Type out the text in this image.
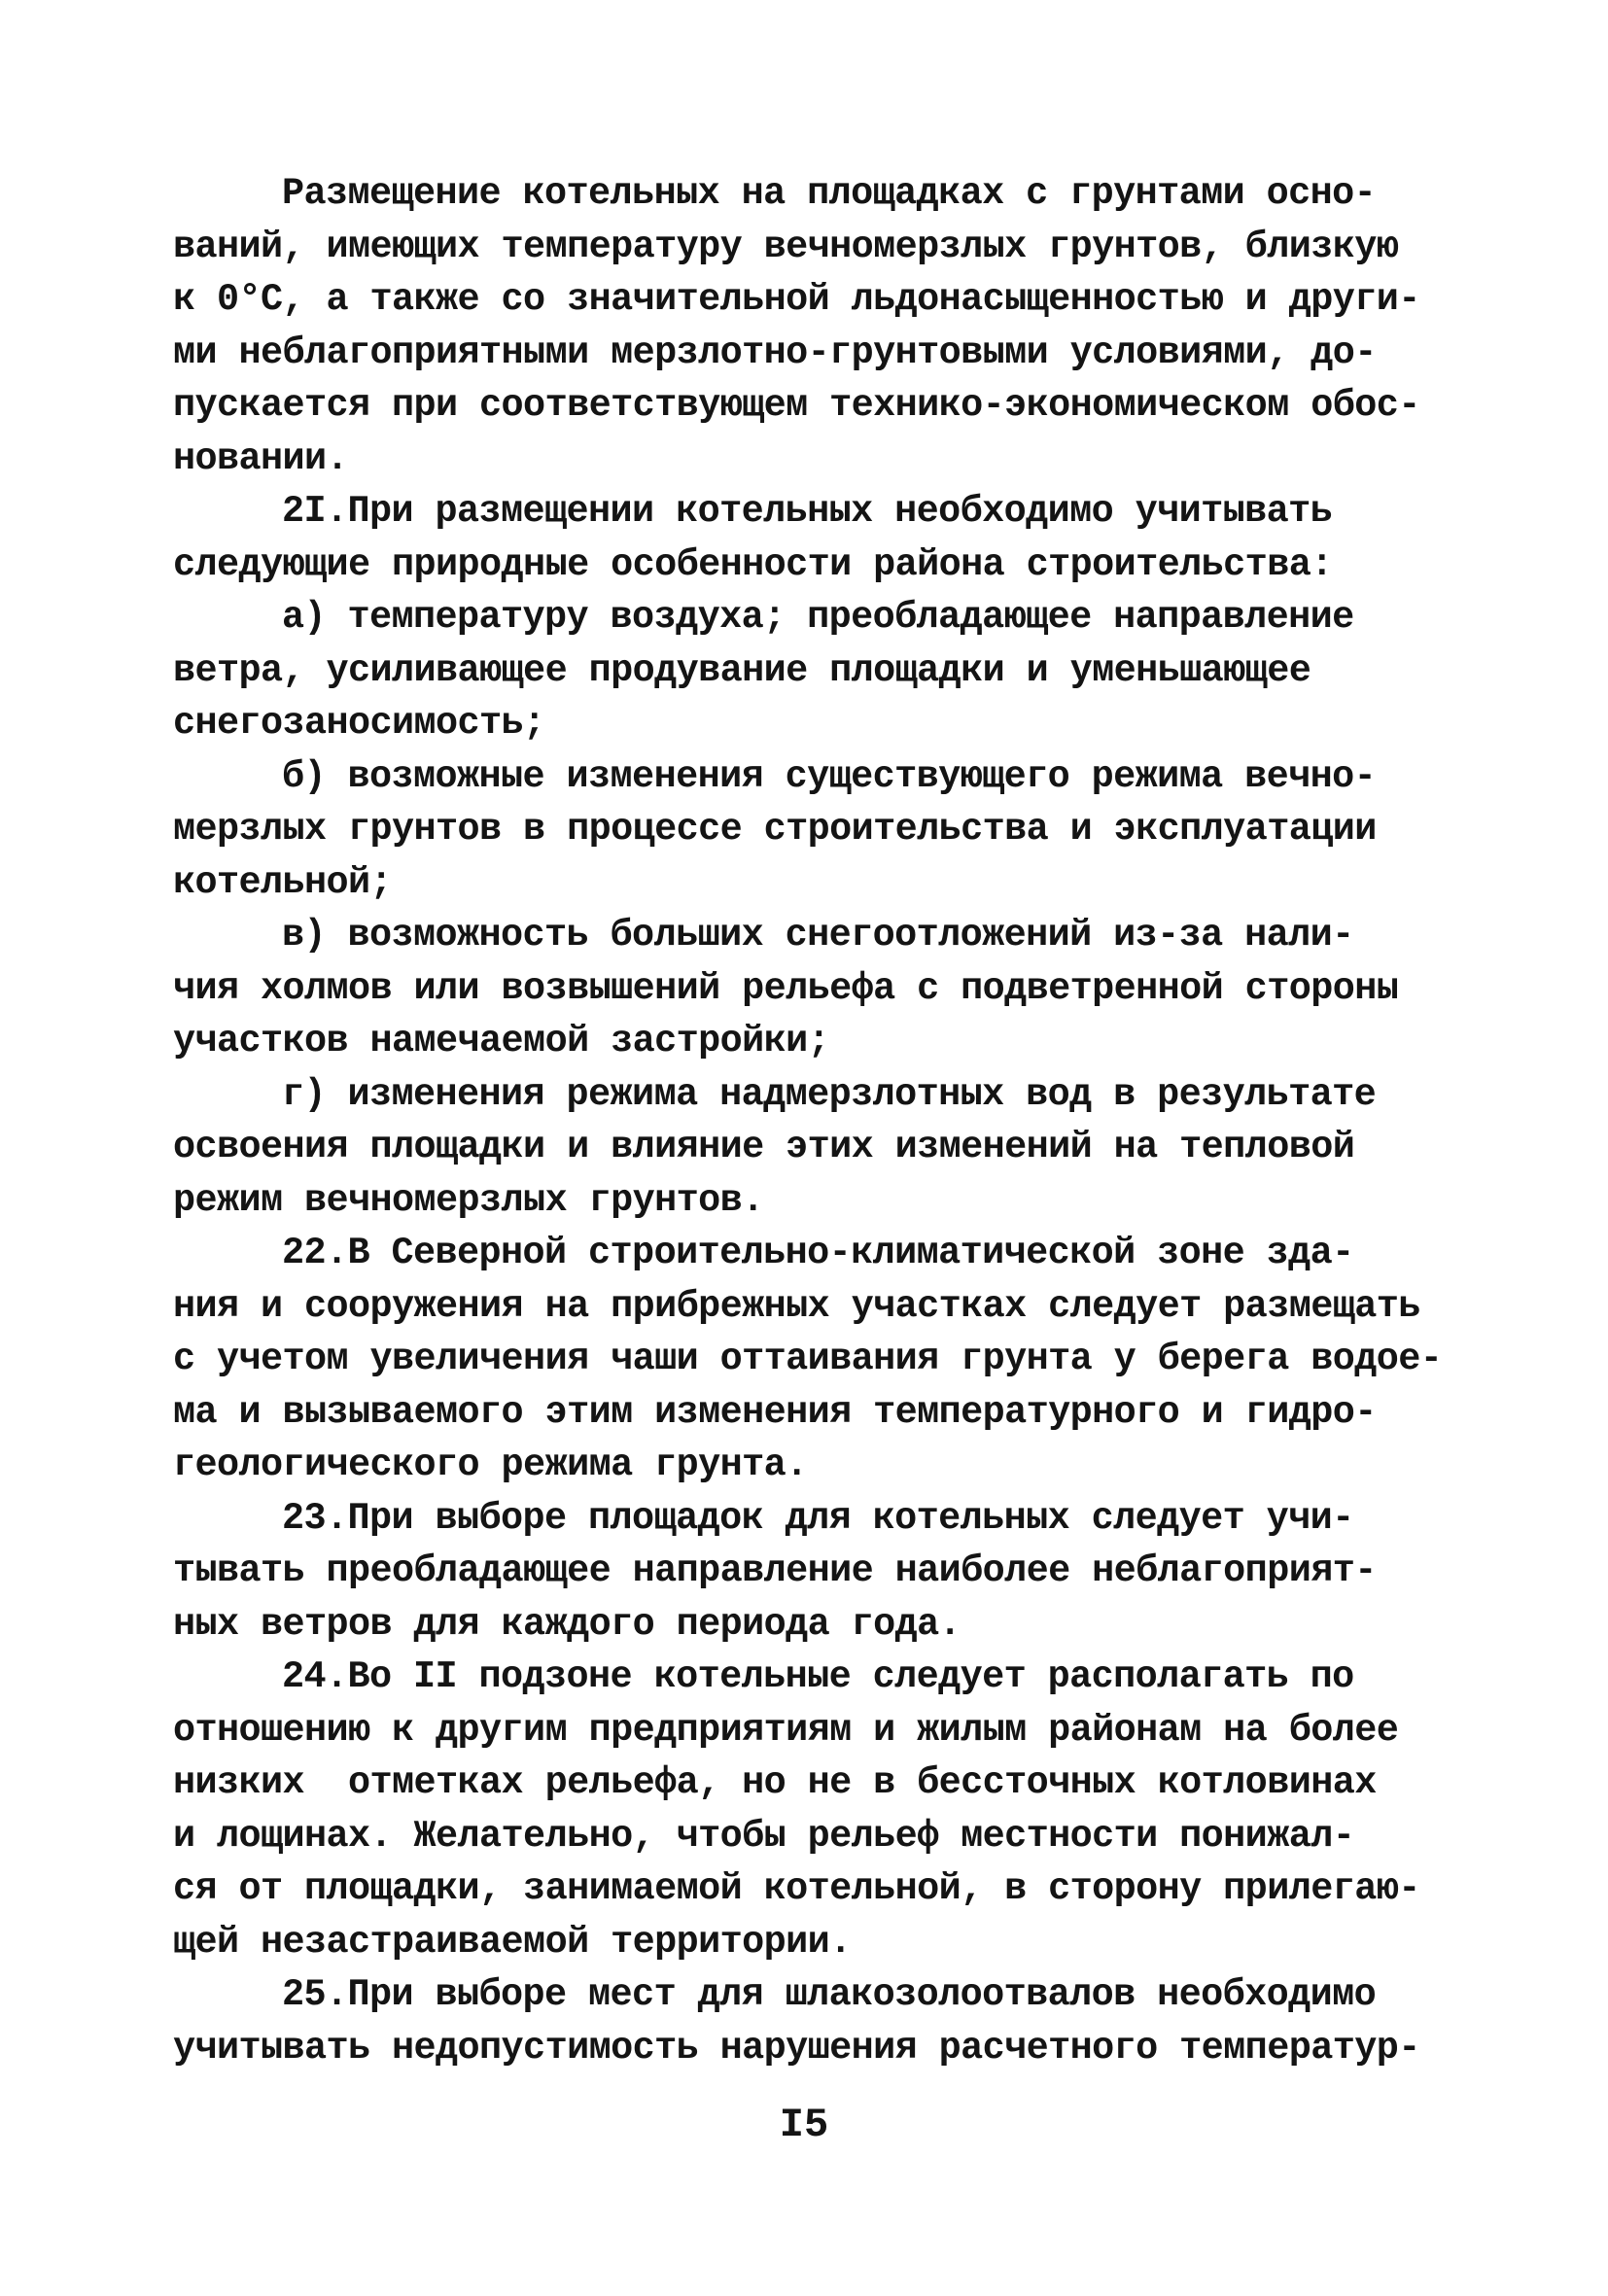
Размещение котельных на площадках с грунтами осно-
ваний, имеющих температуру вечномерзлых грунтов, близкую
к 0°С, а также со значительной льдонасыщенностью и други-
ми неблагоприятными мерзлотно-грунтовыми условиями, до-
пускается при соответствующем технико-экономическом обос-
новании.
2I.При размещении котельных необходимо учитывать
следующие природные особенности района строительства:
а) температуру воздуха; преобладающее направление
ветра, усиливающее продувание площадки и уменьшающее
снегозаносимость;
б) возможные изменения существующего режима вечно-
мерзлых грунтов в процессе строительства и эксплуатации
котельной;
в) возможность больших снегоотложений из-за нали-
чия холмов или возвышений рельефа с подветренной стороны
участков намечаемой застройки;
г) изменения режима надмерзлотных вод в результате
освоения площадки и влияние этих изменений на тепловой
режим вечномерзлых грунтов.
22.В Северной строительно-климатической зоне зда-
ния и сооружения на прибрежных участках следует размещать
с учетом увеличения чаши оттаивания грунта у берега водое-
ма и вызываемого этим изменения температурного и гидро-
геологического режима грунта.
23.При выборе площадок для котельных следует учи-
тывать преобладающее направление наиболее неблагоприят-
ных ветров для каждого периода года.
24.Во II подзоне котельные следует располагать по
отношению к другим предприятиям и жилым районам на более
низких  отметках рельефа, но не в бессточных котловинах
и лощинах. Желательно, чтобы рельеф местности понижал-
ся от площадки, занимаемой котельной, в сторону прилегаю-
щей незастраиваемой территории.
25.При выборе мест для шлакозолоотвалов необходимо
учитывать недопустимость нарушения расчетного температур-
I5
